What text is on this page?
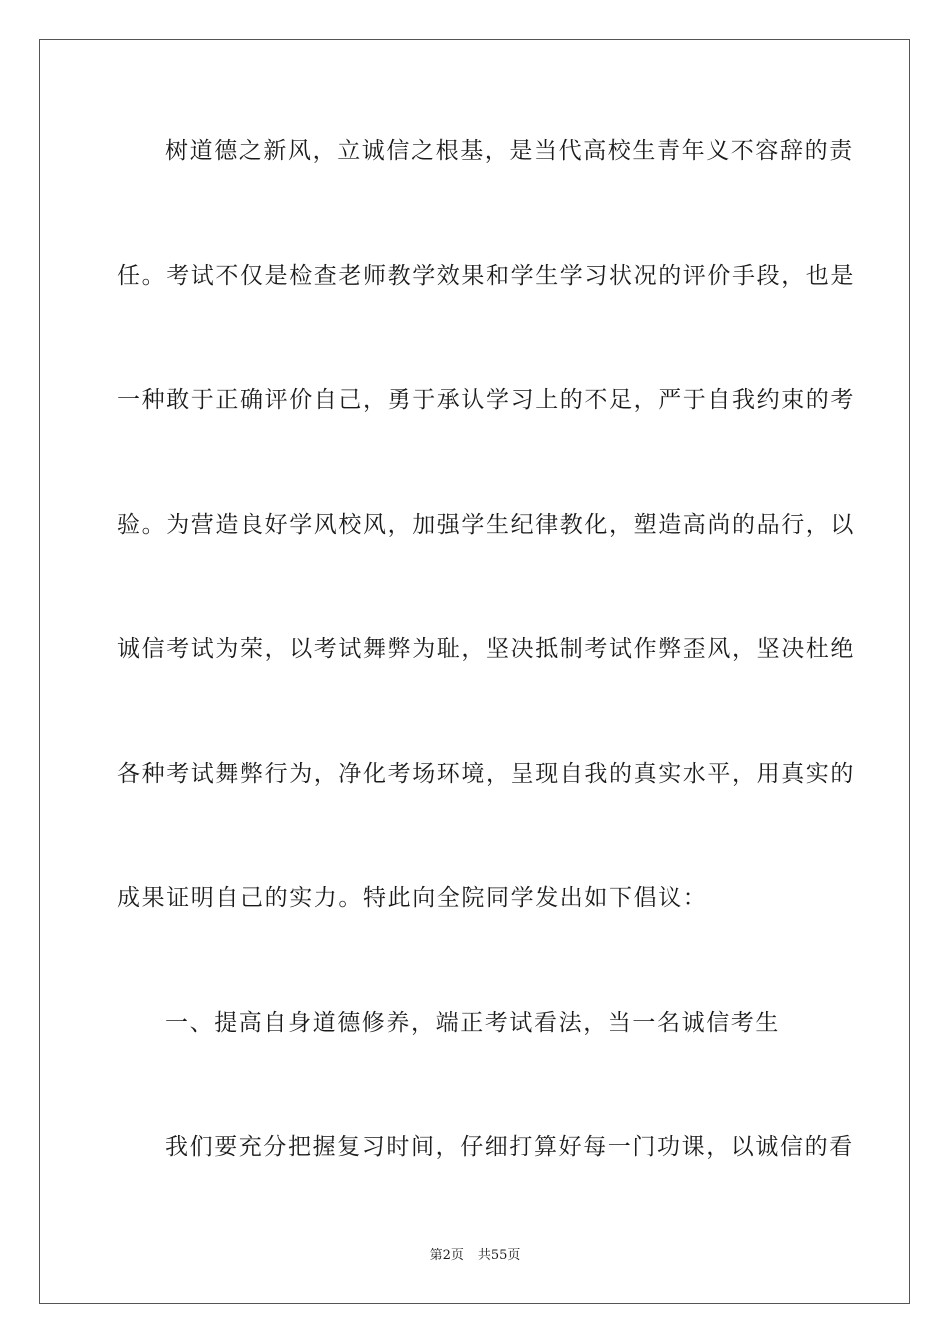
树道德之新风，立诚信之根基，是当代高校生青年义不容辞的责
任。考试不仅是检查老师教学效果和学生学习状况的评价手段，也是
一种敢于正确评价自己，勇于承认学习上的不足，严于自我约束的考
验。为营造良好学风校风，加强学生纪律教化，塑造高尚的品行，以
诚信考试为荣，以考试舞弊为耻，坚决抵制考试作弊歪风，坚决杜绝
各种考试舞弊行为，净化考场环境，呈现自我的真实水平，用真实的
成果证明自己的实力。特此向全院同学发出如下倡议：
一、提高自身道德修养，端正考试看法，当一名诚信考生
我们要充分把握复习时间，仔细打算好每一门功课，以诚信的看
第2页 共55页
